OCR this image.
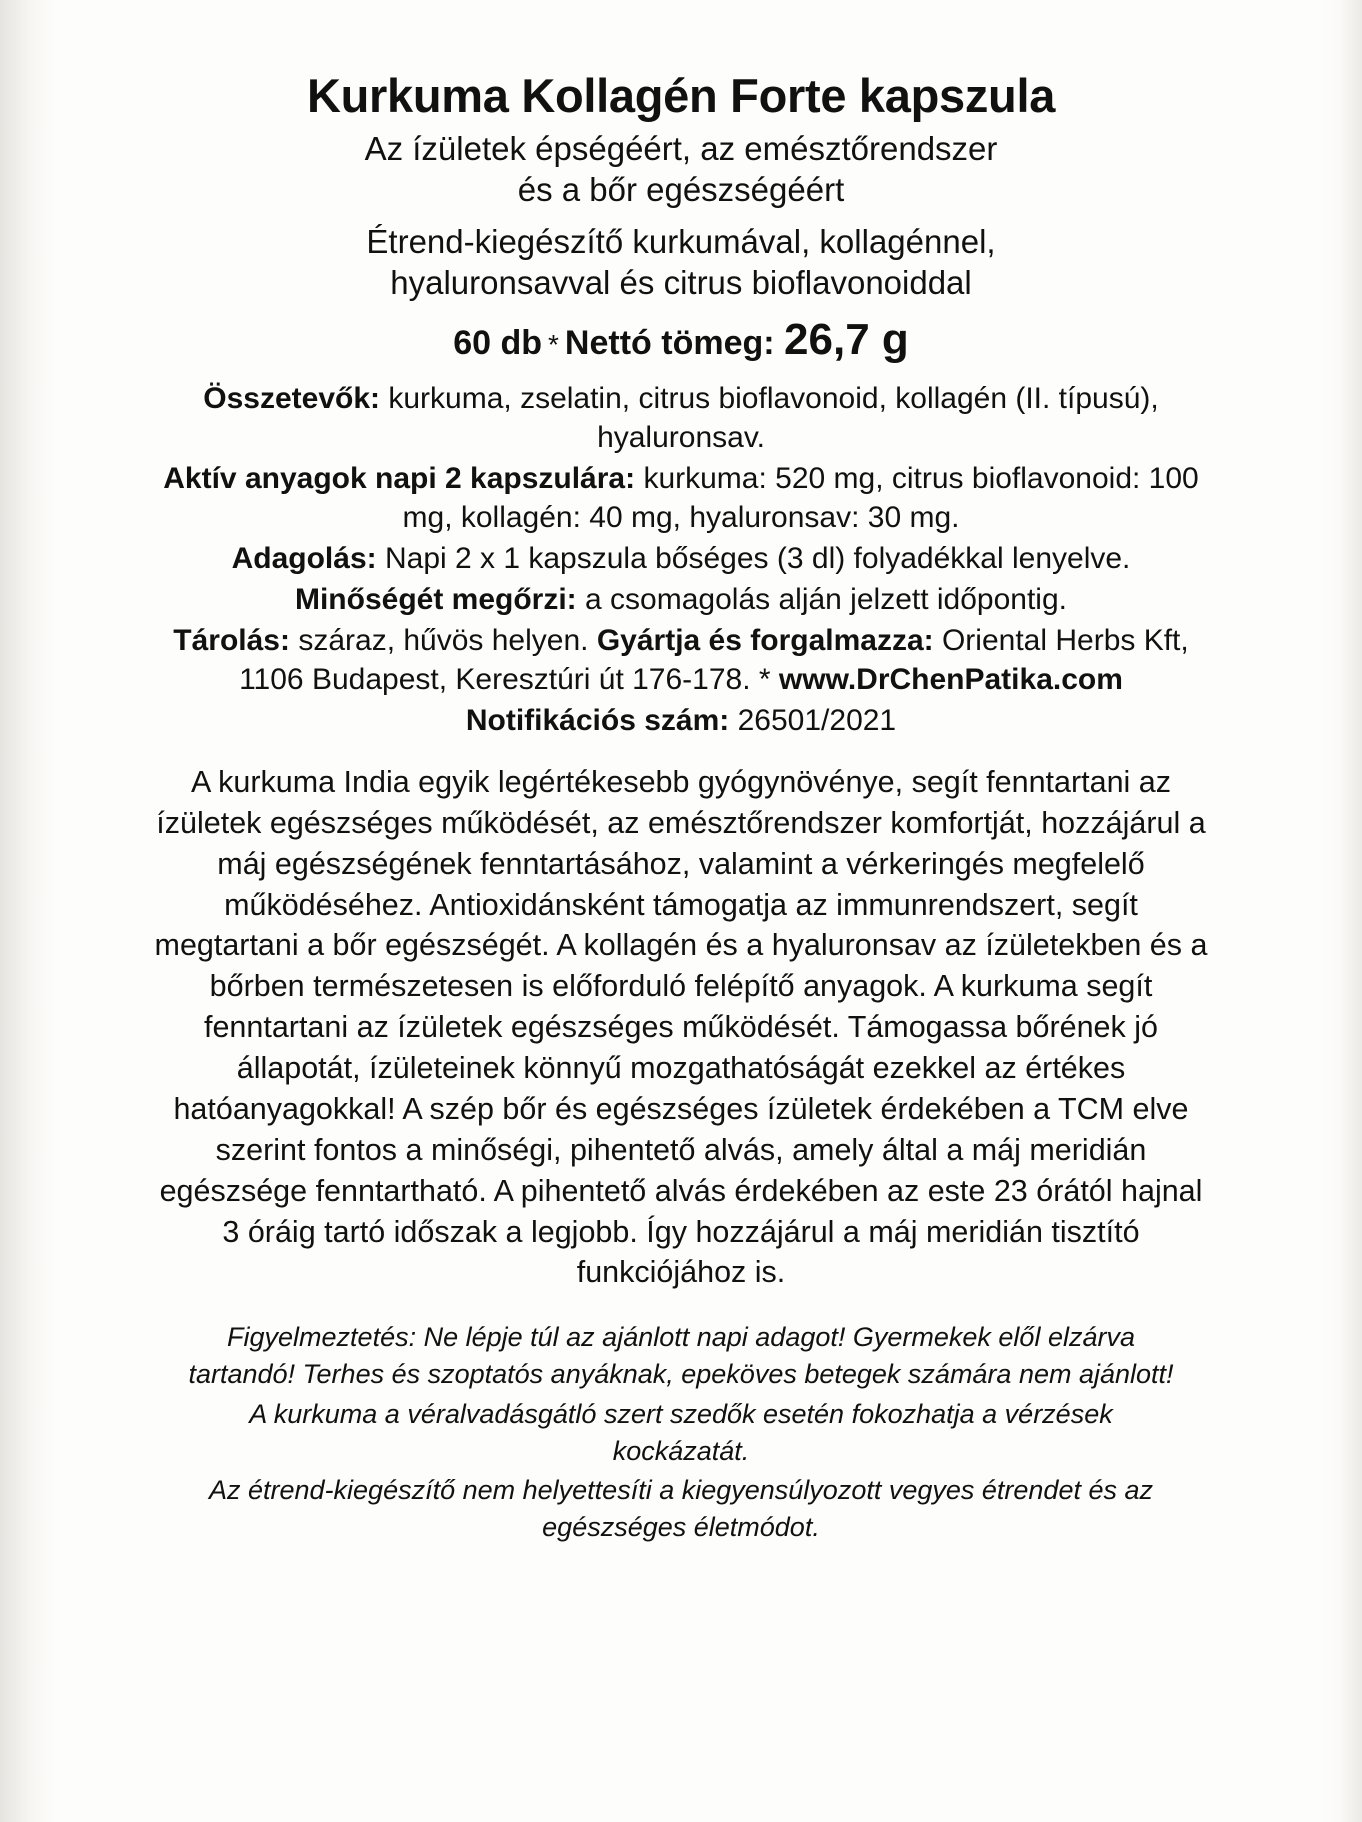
Kurkuma Kollagén Forte kapszula
Az ízületek épségéért, az emésztőrendszer
és a bőr egészségéért
Étrend-kiegészítő kurkumával, kollagénnel,
hyaluronsavval és citrus bioflavonoiddal
60 db * Nettó tömeg: 26,7 g

Összetevők: kurkuma, zselatin, citrus bioflavonoid, kollagén (II. típusú), hyaluronsav.

Aktív anyagok napi 2 kapszulára: kurkuma: 520 mg, citrus bioflavonoid: 100 mg, kollagén: 40 mg, hyaluronsav: 30 mg.

Adagolás: Napi 2 x 1 kapszula bőséges (3 dl) folyadékkal lenyelve.

Minőségét megőrzi: a csomagolás alján jelzett időpontig.

Tárolás: száraz, hűvös helyen. Gyártja és forgalmazza: Oriental Herbs Kft, 1106 Budapest, Keresztúri út 176-178. * www.DrChenPatika.com

Notifikációs szám: 26501/2021

A kurkuma India egyik legértékesebb gyógynövénye, segít fenntartani az ízületek egészséges működését, az emésztőrendszer komfortját, hozzájárul a máj egészségének fenntartásához, valamint a vérkeringés megfelelő működéséhez. Antioxidánsként támogatja az immunrendszert, segít megtartani a bőr egészségét. A kollagén és a hyaluronsav az ízületekben és a bőrben természetesen is előforduló felépítő anyagok. A kurkuma segít fenntartani az ízületek egészséges működését. Támogassa bőrének jó állapotát, ízületeinek könnyű mozgathatóságát ezekkel az értékes hatóanyagokkal! A szép bőr és egészséges ízületek érdekében a TCM elve szerint fontos a minőségi, pihentető alvás, amely által a máj meridián egészsége fenntartható. A pihentető alvás érdekében az este 23 órától hajnal 3 óráig tartó időszak a legjobb. Így hozzájárul a máj meridián tisztító funkciójához is.

Figyelmeztetés: Ne lépje túl az ajánlott napi adagot! Gyermekek elől elzárva tartandó! Terhes és szoptatós anyáknak, epeköves betegek számára nem ajánlott!

A kurkuma a véralvadásgátló szert szedők esetén fokozhatja a vérzések kockázatát.

Az étrend-kiegészítő nem helyettesíti a kiegyensúlyozott vegyes étrendet és az egészséges életmódot.
